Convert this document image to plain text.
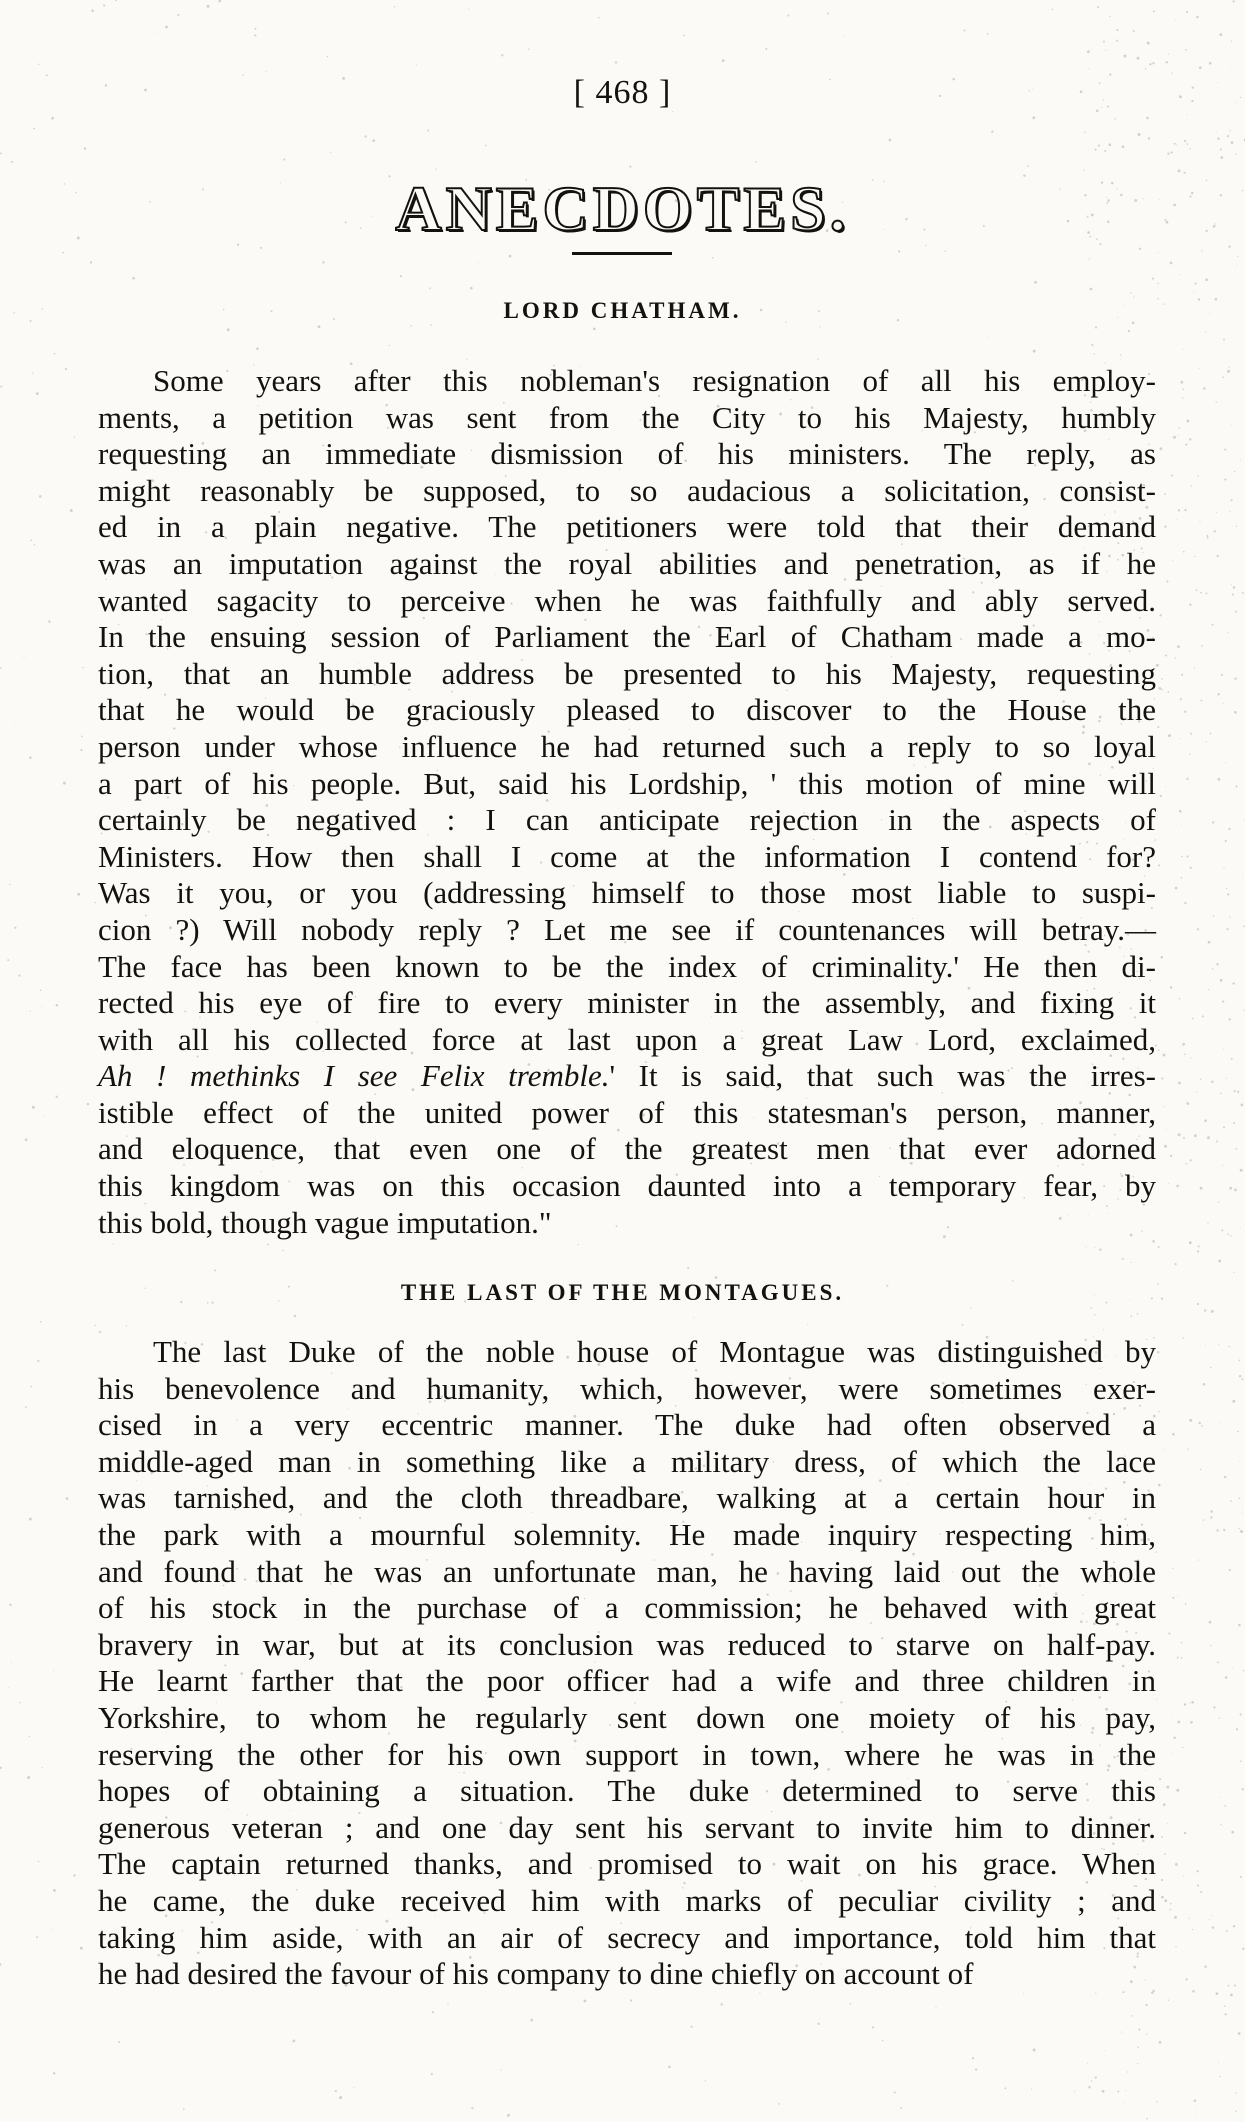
[ 468 ]
ANECDOTES.
LORD CHATHAM.
Some years after this nobleman's resignation of all his employ-
ments, a petition was sent from the City to his Majesty, humbly
requesting an immediate dismission of his ministers. The reply, as
might reasonably be supposed, to so audacious a solicitation, consist-
ed in a plain negative. The petitioners were told that their demand
was an imputation against the royal abilities and penetration, as if he
wanted sagacity to perceive when he was faithfully and ably served.
In the ensuing session of Parliament the Earl of Chatham made a mo-
tion, that an humble address be presented to his Majesty, requesting
that he would be graciously pleased to discover to the House the
person under whose influence he had returned such a reply to so loyal
a part of his people. But, said his Lordship, ' this motion of mine will
certainly be negatived : I can anticipate rejection in the aspects of
Ministers. How then shall I come at the information I contend for?
Was it you, or you (addressing himself to those most liable to suspi-
cion ?) Will nobody reply ? Let me see if countenances will betray.—
The face has been known to be the index of criminality.' He then di-
rected his eye of fire to every minister in the assembly, and fixing it
with all his collected force at last upon a great Law Lord, exclaimed,
Ah ! methinks I see Felix tremble.' It is said, that such was the irres-
istible effect of the united power of this statesman's person, manner,
and eloquence, that even one of the greatest men that ever adorned
this kingdom was on this occasion daunted into a temporary fear, by
this bold, though vague imputation."
THE LAST OF THE MONTAGUES.
The last Duke of the noble house of Montague was distinguished by
his benevolence and humanity, which, however, were sometimes exer-
cised in a very eccentric manner. The duke had often observed a
middle-aged man in something like a military dress, of which the lace
was tarnished, and the cloth threadbare, walking at a certain hour in
the park with a mournful solemnity. He made inquiry respecting him,
and found that he was an unfortunate man, he having laid out the whole
of his stock in the purchase of a commission; he behaved with great
bravery in war, but at its conclusion was reduced to starve on half-pay.
He learnt farther that the poor officer had a wife and three children in
Yorkshire, to whom he regularly sent down one moiety of his pay,
reserving the other for his own support in town, where he was in the
hopes of obtaining a situation. The duke determined to serve this
generous veteran ; and one day sent his servant to invite him to dinner.
The captain returned thanks, and promised to wait on his grace. When
he came, the duke received him with marks of peculiar civility ; and
taking him aside, with an air of secrecy and importance, told him that
he had desired the favour of his company to dine chiefly on account of
